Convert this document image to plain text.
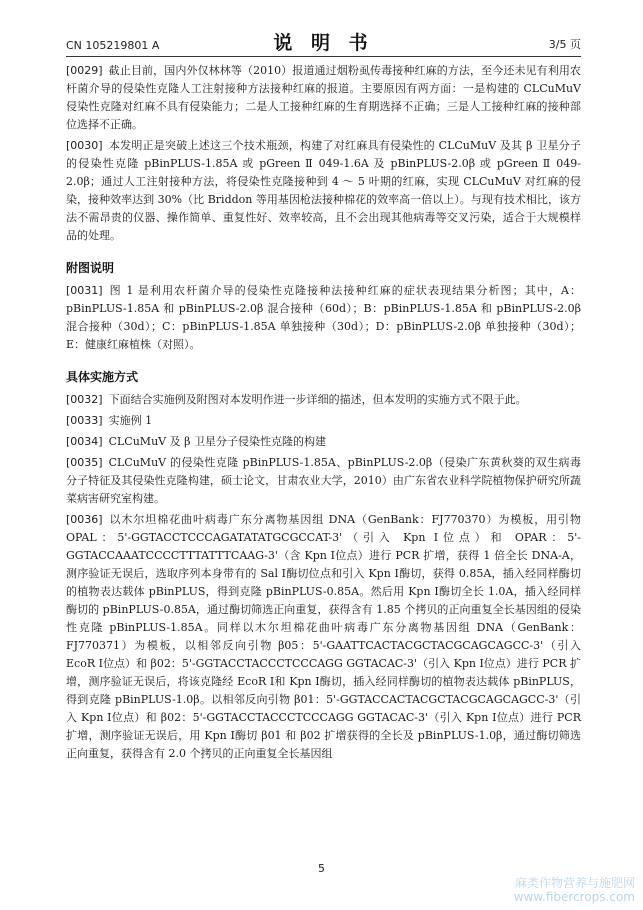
CN 105219801 A	说 明 书	3/5 页

[0029] 截止目前，国内外仅林林等（2010）报道通过烟粉虱传毒接种红麻的方法，至今还未见有利用农杆菌介导的侵染性克隆人工注射接种方法接种红麻的报道。主要原因有两方面：一是构建的 CLCuMuV 侵染性克隆对红麻不具有侵染能力；二是人工接种红麻的生育期选择不正确；三是人工接种红麻的接种部位选择不正确。

[0030] 本发明正是突破上述这三个技术瓶颈，构建了对红麻具有侵染性的 CLCuMuV 及其 β 卫星分子的侵染性克隆 pBinPLUS-1.85A 或 pGreen Ⅱ 049-1.6A 及 pBinPLUS-2.0β 或 pGreen Ⅱ 049-2.0β；通过人工注射接种方法，将侵染性克隆接种到 4 ～ 5 叶期的红麻，实现 CLCuMuV 对红麻的侵染，接种效率达到 30%（比 Briddon 等用基因枪法接种棉花的效率高一倍以上）。与现有技术相比，该方法不需昂贵的仪器、操作简单、重复性好、效率较高，且不会出现其他病毒等交叉污染，适合于大规模样品的处理。

附图说明

[0031] 图 1 是利用农杆菌介导的侵染性克隆接种法接种红麻的症状表现结果分析图；其中，A：pBinPLUS-1.85A 和 pBinPLUS-2.0β 混合接种（60d）；B：pBinPLUS-1.85A 和 pBinPLUS-2.0β 混合接种（30d）；C：pBinPLUS-1.85A 单独接种（30d）；D：pBinPLUS-2.0β 单独接种（30d）；E：健康红麻植株（对照）。

具体实施方式

[0032] 下面结合实施例及附图对本发明作进一步详细的描述，但本发明的实施方式不限于此。

[0033] 实施例 1

[0034] CLCuMuV 及 β 卫星分子侵染性克隆的构建

[0035] CLCuMuV 的侵染性克隆 pBinPLUS-1.85A、pBinPLUS-2.0β（侵染广东黄秋葵的双生病毒分子特征及其侵染性克隆构建，硕士论文，甘肃农业大学，2010）由广东省农业科学院植物保护研究所蔬菜病害研究室构建。

[0036] 以木尔坦棉花曲叶病毒广东分离物基因组 DNA（GenBank：FJ770370）为模板，用引物 OPAL：5'-GGTACCTCCCAGATATATGCGCCAT-3'（引入 Kpn Ⅰ位点）和 OPAR：5'-GGTACCAAATCCCCTTTATTTCAAG-3'（含 Kpn Ⅰ位点）进行 PCR 扩增，获得 1 倍全长 DNA-A，测序验证无误后，选取序列本身带有的 Sal Ⅰ酶切位点和引入 Kpn Ⅰ酶切，获得 0.85A，插入经同样酶切的植物表达载体 pBinPLUS，得到克隆 pBinPLUS-0.85A。然后用 Kpn Ⅰ酶切全长 1.0A，插入经同样酶切的 pBinPLUS-0.85A，通过酶切筛选正向重复，获得含有 1.85 个拷贝的正向重复全长基因组的侵染性克隆 pBinPLUS-1.85A。同样以木尔坦棉花曲叶病毒广东分离物基因组 DNA（GenBank：FJ770371）为模板，以相邻反向引物 β05：5'-GAATTCACTACGCTACGCAGCAGCC-3'（引入 EcoR Ⅰ位点）和 β02：5'-GGTACCTACCCTCCCAGG GGTACAC-3'（引入 Kpn Ⅰ位点）进行 PCR 扩增，测序验证无误后，将该克隆经 EcoR Ⅰ和 Kpn Ⅰ酶切，插入经同样酶切的植物表达载体 pBinPLUS，得到克隆 pBinPLUS-1.0β。以相邻反向引物 β01：5'-GGTACCACTACGCTACGCAGCAGCC-3'（引入 Kpn Ⅰ位点）和 β02：5'-GGTACCTACCCTCCCAGG GGTACAC-3'（引入 Kpn Ⅰ位点）进行 PCR 扩增，测序验证无误后，用 Kpn Ⅰ酶切 β01 和 β02 扩增获得的全长及 pBinPLUS-1.0β，通过酶切筛选正向重复，获得含有 2.0 个拷贝的正向重复全长基因组

5
麻类作物营养与施肥网
www.fibercrops.com
